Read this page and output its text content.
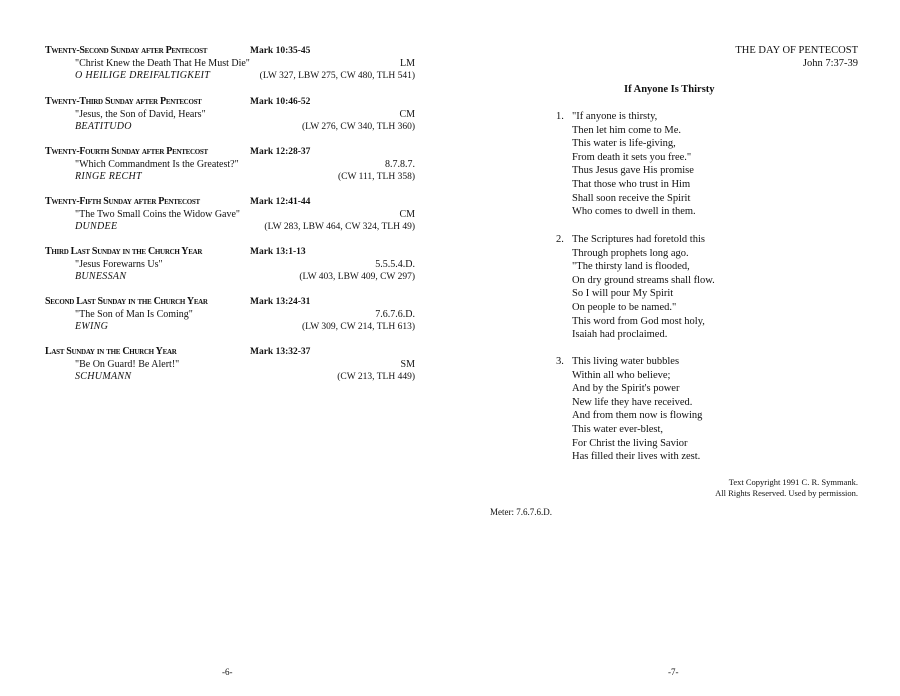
Twenty-Second Sunday after Pentecost	Mark 10:35-45
"Christ Knew the Death That He Must Die"	LM
O HEILIGE DREIFALTIGKEIT	(LW 327, LBW 275, CW 480, TLH 541)
Twenty-Third Sunday after Pentecost	Mark 10:46-52
"Jesus, the Son of David, Hears"	CM
BEATITUDO	(LW 276, CW 340, TLH 360)
Twenty-Fourth Sunday after Pentecost	Mark 12:28-37
"Which Commandment Is the Greatest?"	8.7.8.7.
RINGE RECHT	(CW 111, TLH 358)
Twenty-Fifth Sunday after Pentecost	Mark 12:41-44
"The Two Small Coins the Widow Gave"	CM
DUNDEE	(LW 283, LBW 464, CW 324, TLH 49)
Third Last Sunday in the Church Year	Mark 13:1-13
"Jesus Forewarns Us"	5.5.5.4.D.
BUNESSAN	(LW 403, LBW 409, CW 297)
Second Last Sunday in the Church Year	Mark 13:24-31
"The Son of Man Is Coming"	7.6.7.6.D.
EWING	(LW 309, CW 214, TLH 613)
Last Sunday in the Church Year	Mark 13:32-37
"Be On Guard! Be Alert!"	SM
SCHUMANN	(CW 213, TLH 449)
-6-
THE DAY OF PENTECOST
John 7:37-39
If Anyone Is Thirsty
1. "If anyone is thirsty,
Then let him come to Me.
This water is life-giving,
From death it sets you free."
Thus Jesus gave His promise
That those who trust in Him
Shall soon receive the Spirit
Who comes to dwell in them.
2. The Scriptures had foretold this
Through prophets long ago.
"The thirsty land is flooded,
On dry ground streams shall flow.
So I will pour My Spirit
On people to be named."
This word from God most holy,
Isaiah had proclaimed.
3. This living water bubbles
Within all who believe;
And by the Spirit's power
New life they have received.
And from them now is flowing
This water ever-blest,
For Christ the living Savior
Has filled their lives with zest.
Text Copyright 1991 C. R. Symmank.
All Rights Reserved. Used by permission.
Meter: 7.6.7.6.D.
-7-
